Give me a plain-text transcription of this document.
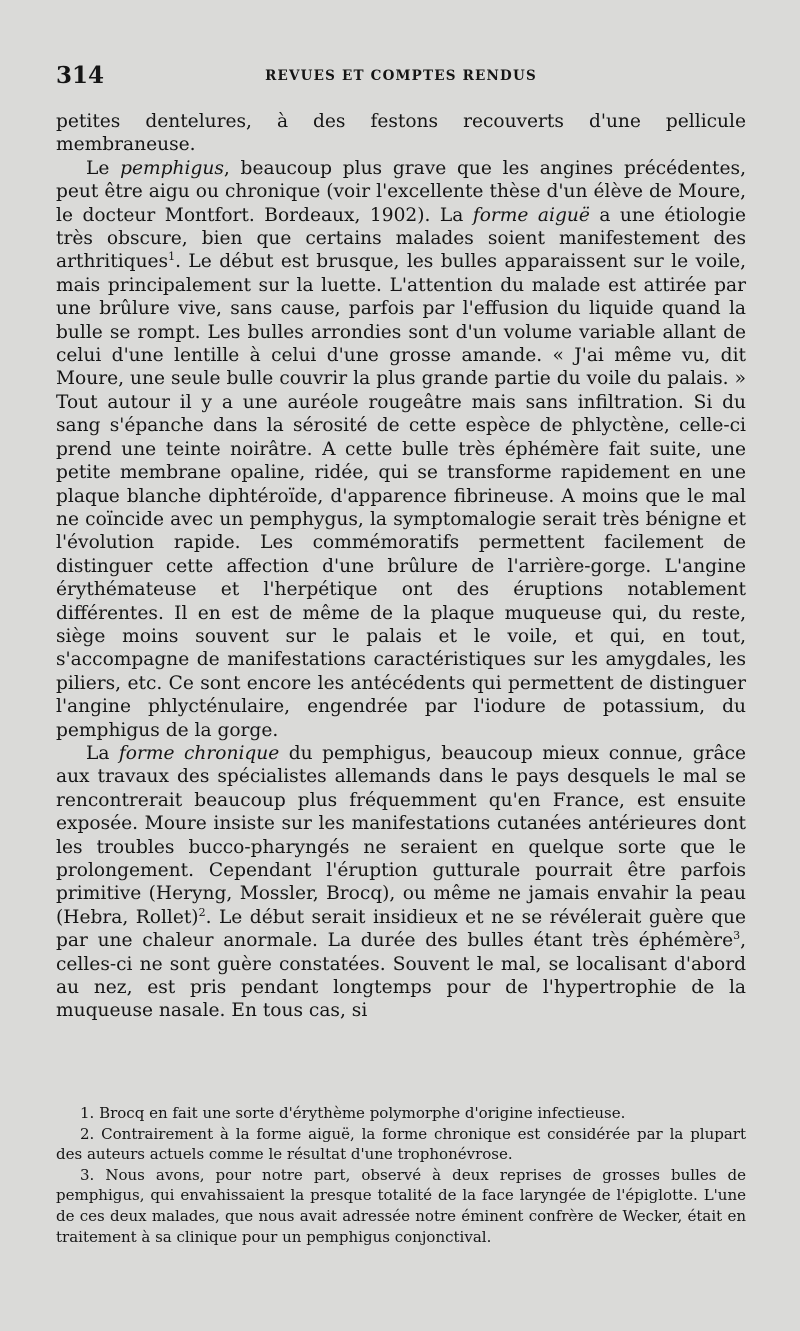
314	REVUES ET COMPTES RENDUS

petites dentelures, à des festons recouverts d'une pellicule membraneuse.

Le pemphigus, beaucoup plus grave que les angines précédentes, peut être aigu ou chronique (voir l'excellente thèse d'un élève de Moure, le docteur Montfort. Bordeaux, 1902). La forme aiguë a une étiologie très obscure, bien que certains malades soient manifestement des arthritiques$^1$. Le début est brusque, les bulles apparaissent sur le voile, mais principalement sur la luette. L'attention du malade est attirée par une brûlure vive, sans cause, parfois par l'effusion du liquide quand la bulle se rompt. Les bulles arrondies sont d'un volume variable allant de celui d'une lentille à celui d'une grosse amande. « J'ai même vu, dit Moure, une seule bulle couvrir la plus grande partie du voile du palais. » Tout autour il y a une auréole rougeâtre mais sans infiltration. Si du sang s'épanche dans la sérosité de cette espèce de phlyctène, celle-ci prend une teinte noirâtre. A cette bulle très éphémère fait suite, une petite membrane opaline, ridée, qui se transforme rapidement en une plaque blanche diphtéroïde, d'apparence fibrineuse. A moins que le mal ne coïncide avec un pemphygus, la symptomalogie serait très bénigne et l'évolution rapide. Les commémoratifs permettent facilement de distinguer cette affection d'une brûlure de l'arrière-gorge. L'angine érythémateuse et l'herpétique ont des éruptions notablement différentes. Il en est de même de la plaque muqueuse qui, du reste, siège moins souvent sur le palais et le voile, et qui, en tout, s'accompagne de manifestations caractéristiques sur les amygdales, les piliers, etc. Ce sont encore les antécédents qui permettent de distinguer l'angine phlycténulaire, engendrée par l'iodure de potassium, du pemphigus de la gorge.

La forme chronique du pemphigus, beaucoup mieux connue, grâce aux travaux des spécialistes allemands dans le pays desquels le mal se rencontrerait beaucoup plus fréquemment qu'en France, est ensuite exposée. Moure insiste sur les manifestations cutanées antérieures dont les troubles bucco-pharyngés ne seraient en quelque sorte que le prolongement. Cependant l'éruption gutturale pourrait être parfois primitive (Heryng, Mossler, Brocq), ou même ne jamais envahir la peau (Hebra, Rollet)$^2$. Le début serait insidieux et ne se révélerait guère que par une chaleur anormale. La durée des bulles étant très éphémère$^3$, celles-ci ne sont guère constatées. Souvent le mal, se localisant d'abord au nez, est pris pendant longtemps pour de l'hypertrophie de la muqueuse nasale. En tous cas, si

1. Brocq en fait une sorte d'érythème polymorphe d'origine infectieuse.

2. Contrairement à la forme aiguë, la forme chronique est considérée par la plupart des auteurs actuels comme le résultat d'une trophonévrose.

3. Nous avons, pour notre part, observé à deux reprises de grosses bulles de pemphigus, qui envahissaient la presque totalité de la face laryngée de l'épiglotte. L'une de ces deux malades, que nous avait adressée notre éminent confrère de Wecker, était en traitement à sa clinique pour un pemphigus conjonctival.
